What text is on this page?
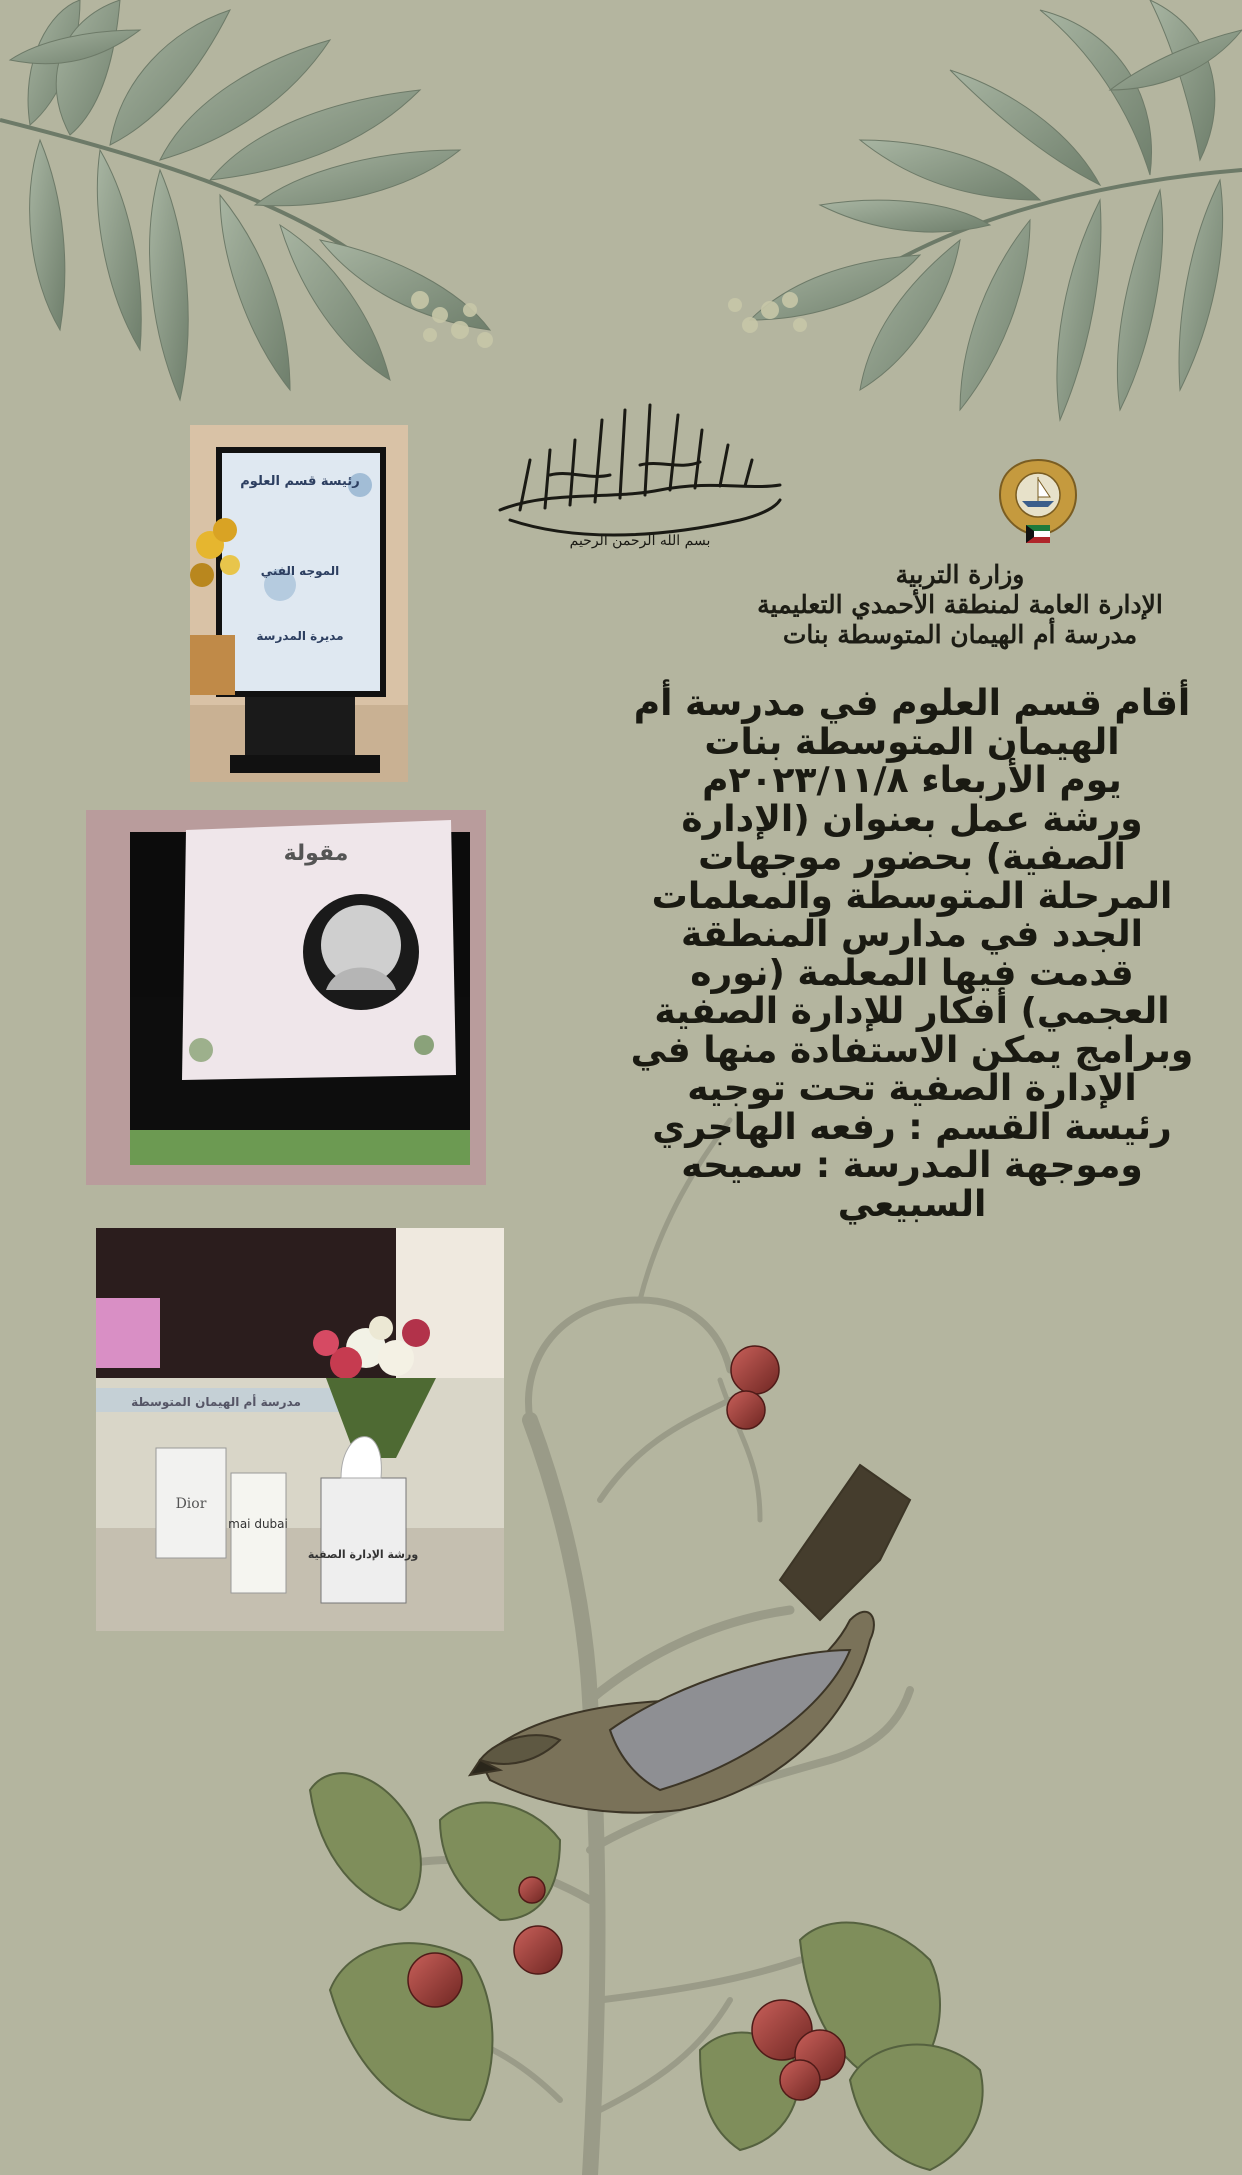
بسم الله الرحمن الرحيم
وزارة التربية
الإدارة العامة لمنطقة الأحمدي التعليمية
مدرسة أم الهيمان المتوسطة بنات
أقام قسم العلوم في مدرسة أم
الهيمان المتوسطة بنات
يوم الأربعاء ٢٠٢٣/١١/٨م
ورشة عمل بعنوان (الإدارة
الصفية) بحضور موجهات
المرحلة المتوسطة والمعلمات
الجدد في مدارس المنطقة
قدمت فيها المعلمة (نوره
العجمي) أفكار للإدارة الصفية
وبرامج يمكن الاستفادة منها في
الإدارة الصفية تحت توجيه
رئيسة القسم : رفعه الهاجري
وموجهة المدرسة : سميحه
السبيعي
رئيسة قسم العلوم
الموجه الفني
مديرة المدرسة
مقولة
Dior
mai dubai
ورشة الإدارة الصفية
مدرسة أم الهيمان المتوسطة
